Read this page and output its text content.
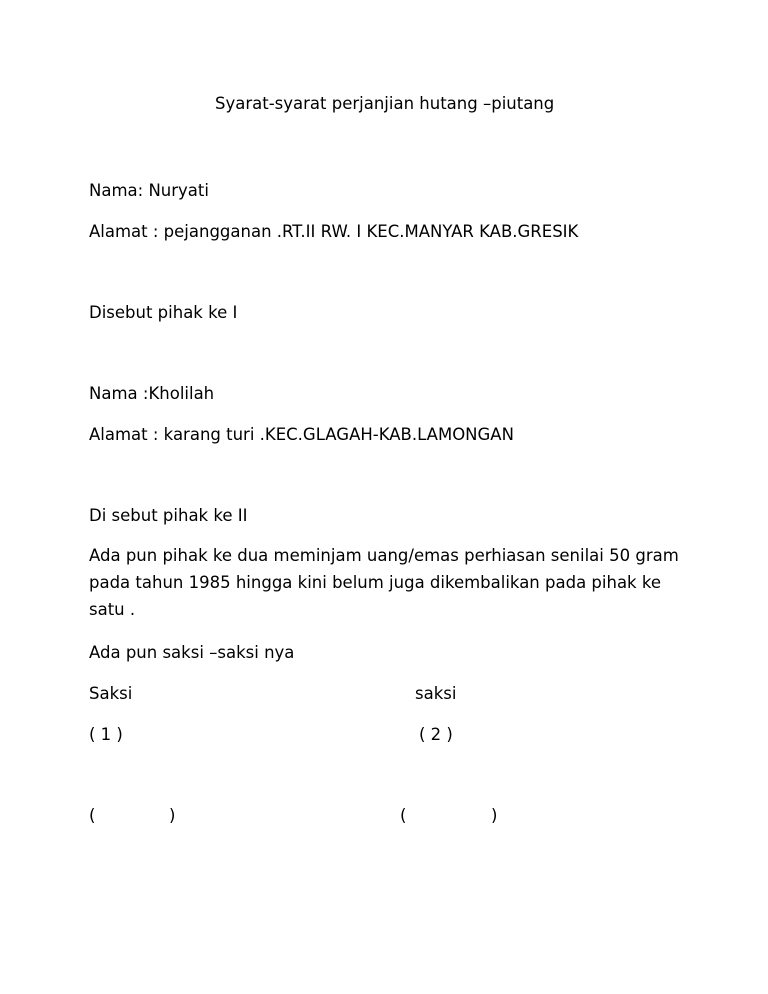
Syarat-syarat perjanjian hutang –piutang
Nama: Nuryati
Alamat : pejangganan .RT.II RW. I KEC.MANYAR KAB.GRESIK
Disebut pihak ke I
Nama :Kholilah
Alamat : karang turi .KEC.GLAGAH-KAB.LAMONGAN
Di sebut pihak ke II
Ada pun pihak ke dua meminjam uang/emas perhiasan senilai 50 gram
pada tahun 1985 hingga kini belum juga dikembalikan pada pihak ke
satu .
Ada pun saksi –saksi nya
Saksi	saksi
( 1 )	( 2 )
(	)	(	)
